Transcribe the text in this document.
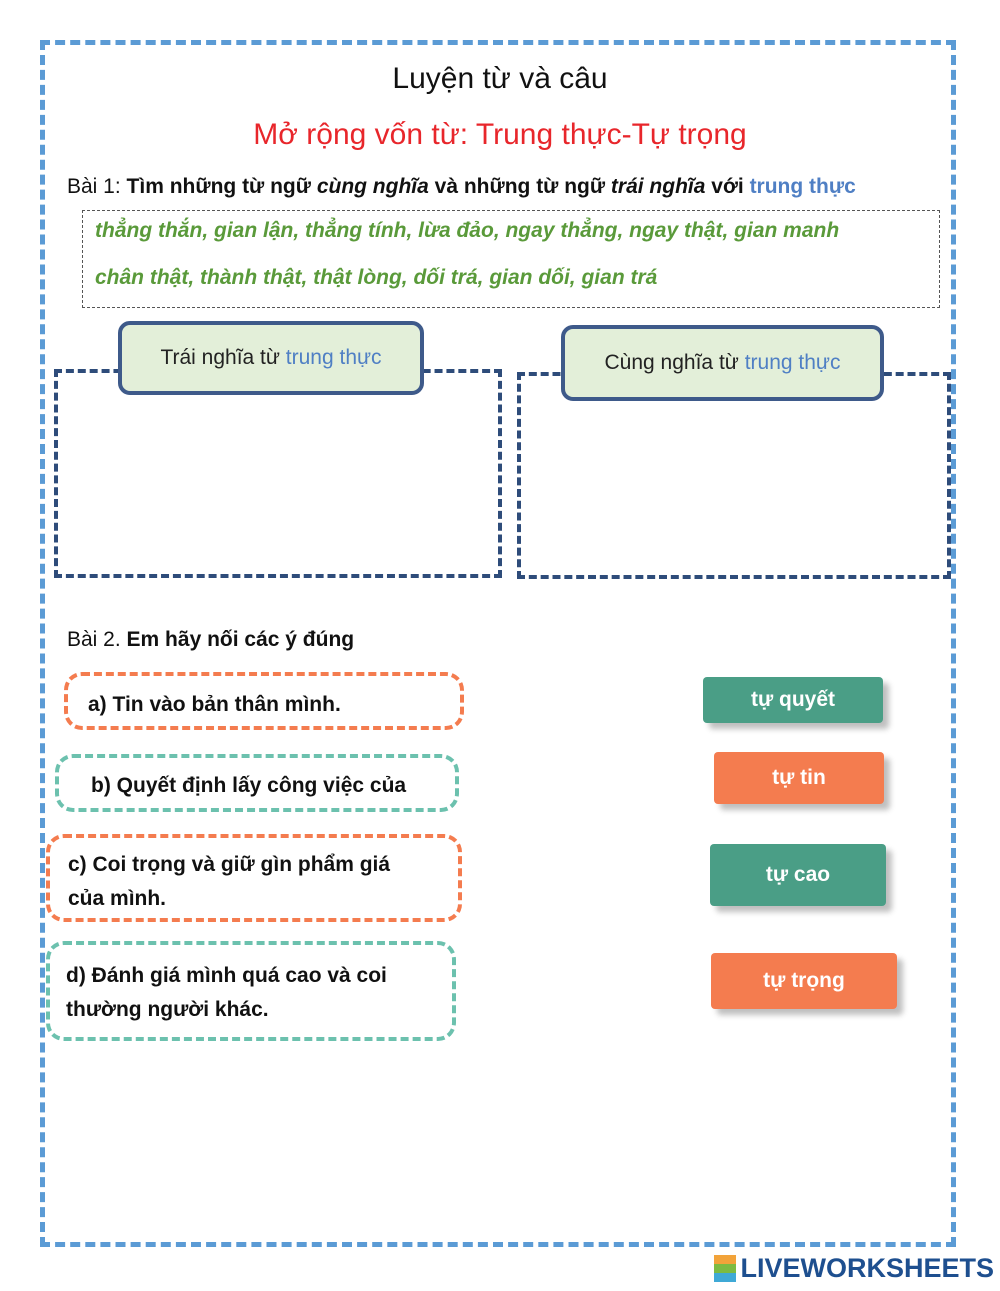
Luyện từ và câu
Mở rộng vốn từ: Trung thực-Tự trọng
Bài 1: Tìm những từ ngữ cùng nghĩa và những từ ngữ trái nghĩa với trung thực
thẳng thắn, gian lận, thẳng tính, lừa đảo, ngay thẳng, ngay thật, gian manh
chân thật, thành thật, thật lòng, dối trá, gian dối, gian trá
Trái nghĩa từ
trung thực	Cùng nghĩa từ
trung thực
Bài 2. Em hãy nối các ý đúng
a) Tin vào bản thân mình.
b) Quyết định lấy công việc của
c) Coi trọng và giữ gìn phẩm giá
của mình.
d) Đánh giá mình quá cao và coi
thường người khác.
tự quyết
tự tin
tự cao
tự trọng
LIVEWORKSHEETS
